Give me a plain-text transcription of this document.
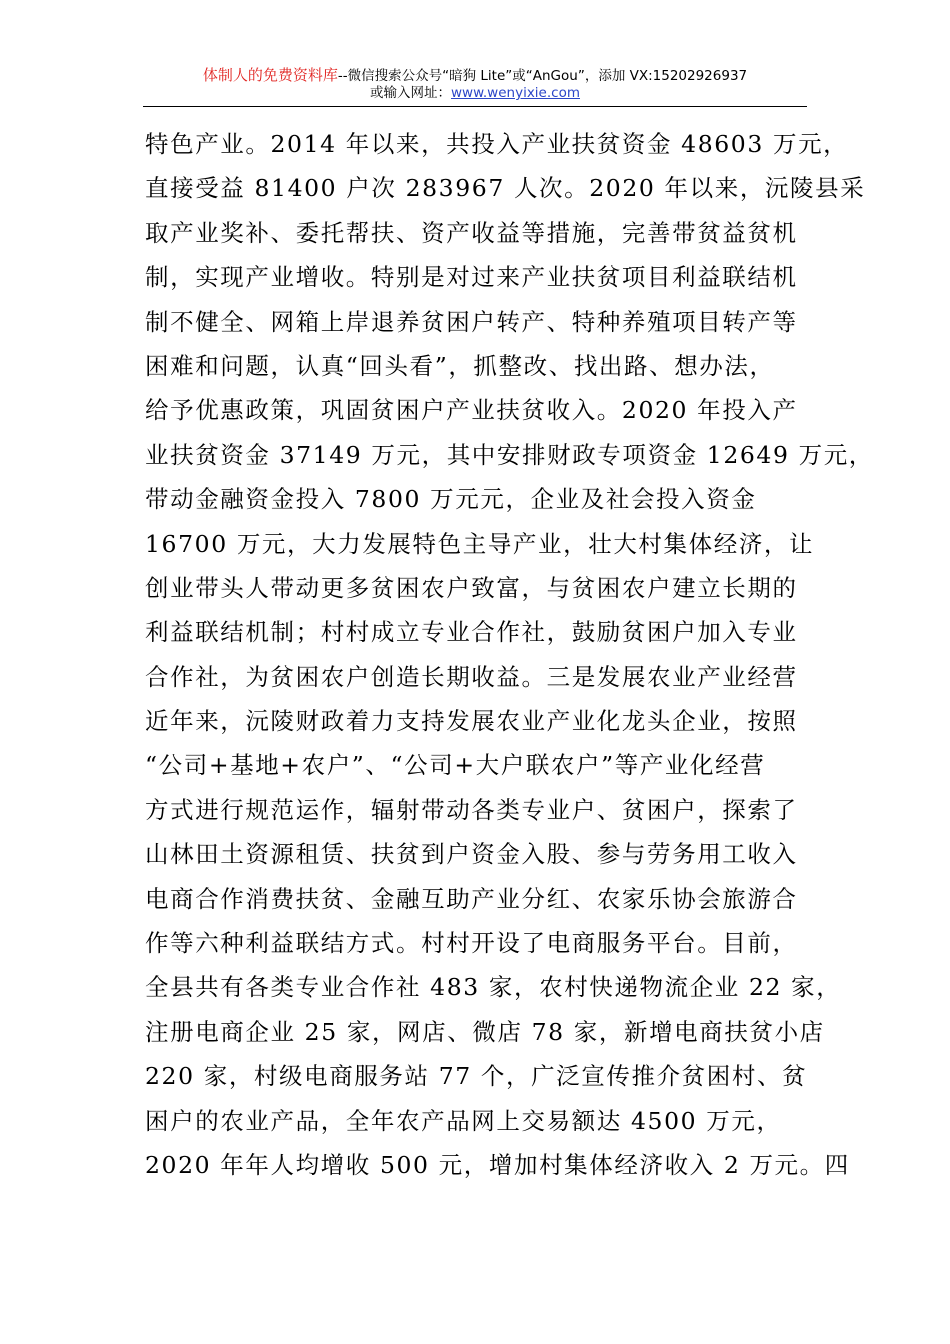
体制人的免费资料库--微信搜索公众号“暗狗 Lite”或“AnGou”，添加 VX:15202926937
或输入网址：www.wenyixie.com
特色产业。2014 年以来，共投入产业扶贫资金 48603 万元，
直接受益 81400 户次 283967 人次。2020 年以来，沅陵县采
取产业奖补、委托帮扶、资产收益等措施，完善带贫益贫机
制，实现产业增收。特别是对过来产业扶贫项目利益联结机
制不健全、网箱上岸退养贫困户转产、特种养殖项目转产等
困难和问题，认真“回头看”，抓整改、找出路、想办法，
给予优惠政策，巩固贫困户产业扶贫收入。2020 年投入产
业扶贫资金 37149 万元，其中安排财政专项资金 12649 万元，
带动金融资金投入 7800 万元元，企业及社会投入资金
16700 万元，大力发展特色主导产业，壮大村集体经济，让
创业带头人带动更多贫困农户致富，与贫困农户建立长期的
利益联结机制；村村成立专业合作社，鼓励贫困户加入专业
合作社，为贫困农户创造长期收益。三是发展农业产业经营
近年来，沅陵财政着力支持发展农业产业化龙头企业，按照
“公司+基地+农户”、“公司+大户联农户”等产业化经营
方式进行规范运作，辐射带动各类专业户、贫困户，探索了
山林田土资源租赁、扶贫到户资金入股、参与劳务用工收入
电商合作消费扶贫、金融互助产业分红、农家乐协会旅游合
作等六种利益联结方式。村村开设了电商服务平台。目前，
全县共有各类专业合作社 483 家，农村快递物流企业 22 家，
注册电商企业 25 家，网店、微店 78 家，新增电商扶贫小店
220 家，村级电商服务站 77 个，广泛宣传推介贫困村、贫
困户的农业产品，全年农产品网上交易额达 4500 万元，
2020 年年人均增收 500 元，增加村集体经济收入 2 万元。四
